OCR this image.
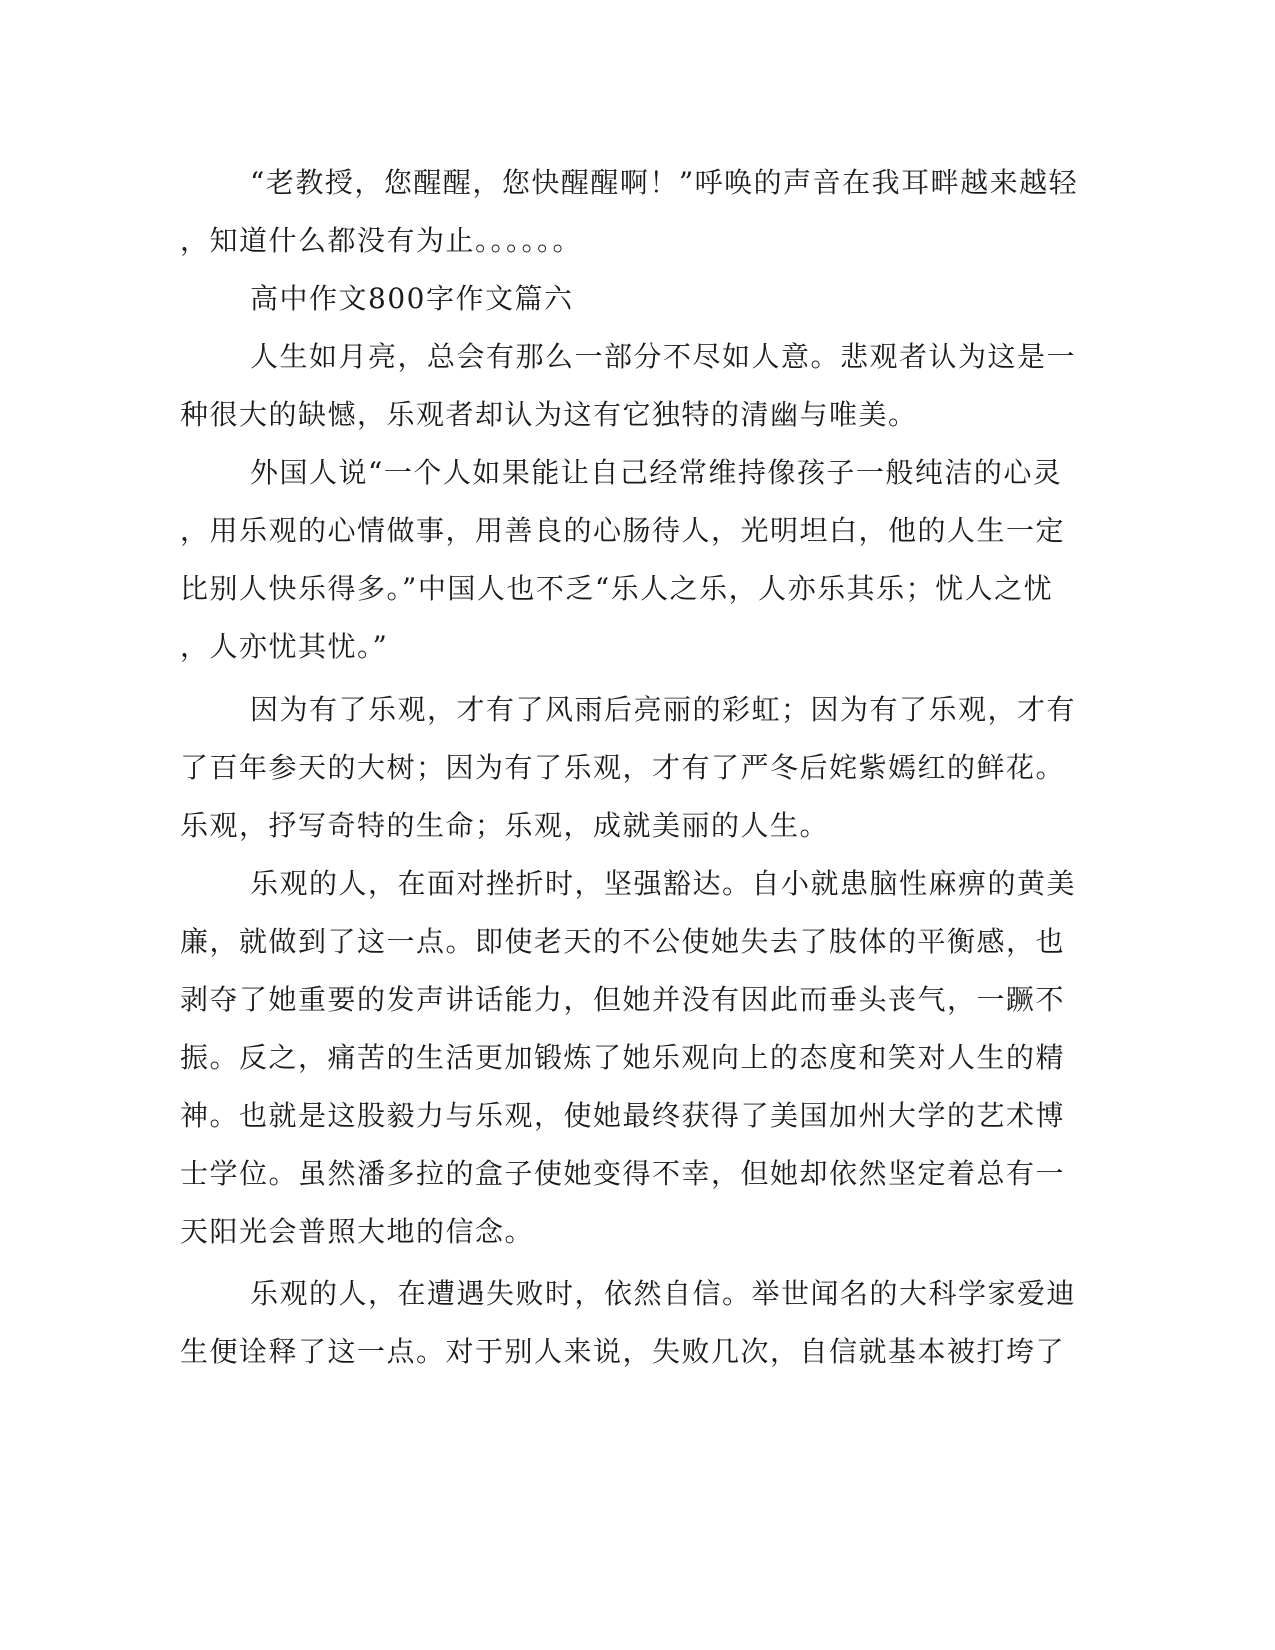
“老教授，您醒醒，您快醒醒啊！”呼唤的声音在我耳畔越来越轻
，知道什么都没有为止。。。。。。
高中作文800字作文篇六
人生如月亮，总会有那么一部分不尽如人意。悲观者认为这是一
种很大的缺憾，乐观者却认为这有它独特的清幽与唯美。
外国人说“一个人如果能让自己经常维持像孩子一般纯洁的心灵
，用乐观的心情做事，用善良的心肠待人，光明坦白，他的人生一定
比别人快乐得多。”中国人也不乏“乐人之乐，人亦乐其乐；忧人之忧
，人亦忧其忧。”
因为有了乐观，才有了风雨后亮丽的彩虹；因为有了乐观，才有
了百年参天的大树；因为有了乐观，才有了严冬后姹紫嫣红的鲜花。
乐观，抒写奇特的生命；乐观，成就美丽的人生。
乐观的人，在面对挫折时，坚强豁达。自小就患脑性麻痹的黄美
廉，就做到了这一点。即使老天的不公使她失去了肢体的平衡感，也
剥夺了她重要的发声讲话能力，但她并没有因此而垂头丧气，一蹶不
振。反之，痛苦的生活更加锻炼了她乐观向上的态度和笑对人生的精
神。也就是这股毅力与乐观，使她最终获得了美国加州大学的艺术博
士学位。虽然潘多拉的盒子使她变得不幸，但她却依然坚定着总有一
天阳光会普照大地的信念。
乐观的人，在遭遇失败时，依然自信。举世闻名的大科学家爱迪
生便诠释了这一点。对于别人来说，失败几次，自信就基本被打垮了
